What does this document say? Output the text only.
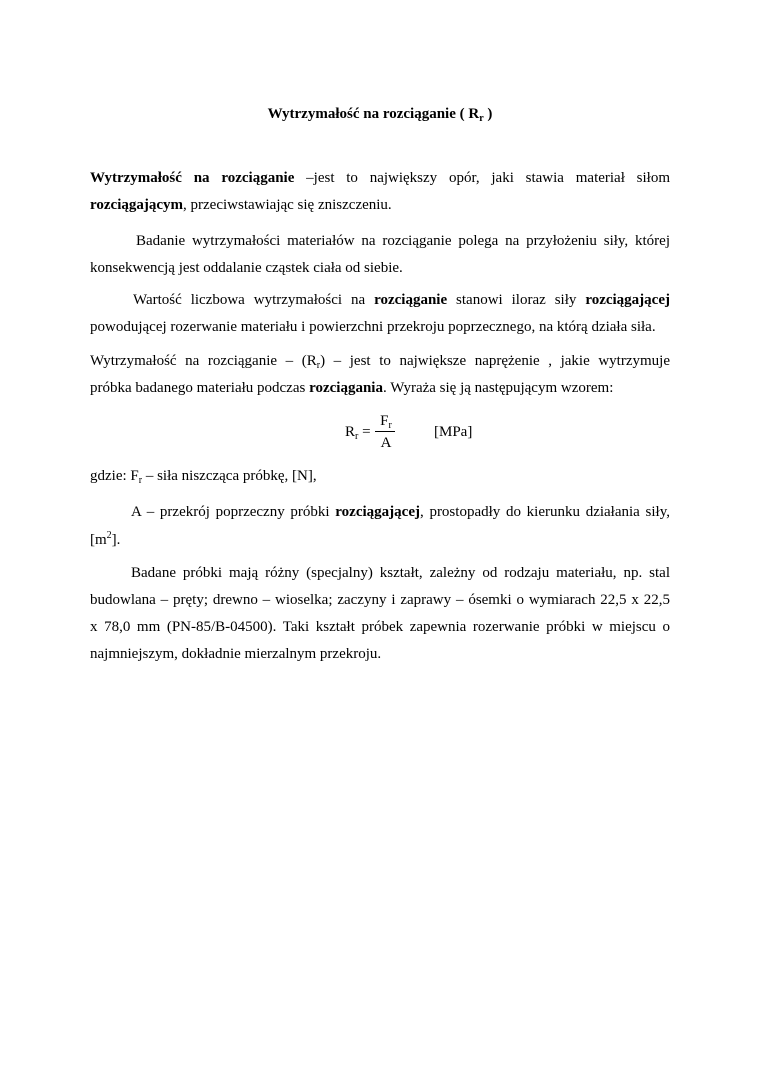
Wytrzymałość na rozciąganie ( $R_r$ )
Wytrzymałość na rozciąganie –jest to największy opór, jaki stawia materiał siłom
rozciągającym, przeciwstawiając się zniszczeniu.
Badanie wytrzymałości materiałów na rozciąganie polega na przyłożeniu siły, której
konsekwencją jest oddalanie cząstek ciała od siebie.
Wartość liczbowa wytrzymałości na rozciąganie stanowi iloraz siły rozciągającej
powodującej rozerwanie materiału i powierzchni przekroju poprzecznego, na którą działa siła.
Wytrzymałość na rozciąganie – $(R_r)$ – jest to największe naprężenie , jakie wytrzymuje
próbka badanego materiału podczas rozciągania. Wyraża się ją następującym wzorem:
$R_r$ =
$F_r$
A
[MPa]
gdzie: $F_r$ – siła niszcząca próbkę, [N],
A – przekrój poprzeczny próbki rozciągającej, prostopadły do kierunku działania siły,
$[m^2]$.
Badane próbki mają różny (specjalny) kształt, zależny od rodzaju materiału, np. stal
budowlana – pręty; drewno – wioselka; zaczyny i zaprawy – ósemki o wymiarach 22,5 x 22,5
x 78,0 mm (PN-85/B-04500). Taki kształt próbek zapewnia rozerwanie próbki w miejscu o
najmniejszym, dokładnie mierzalnym przekroju.
